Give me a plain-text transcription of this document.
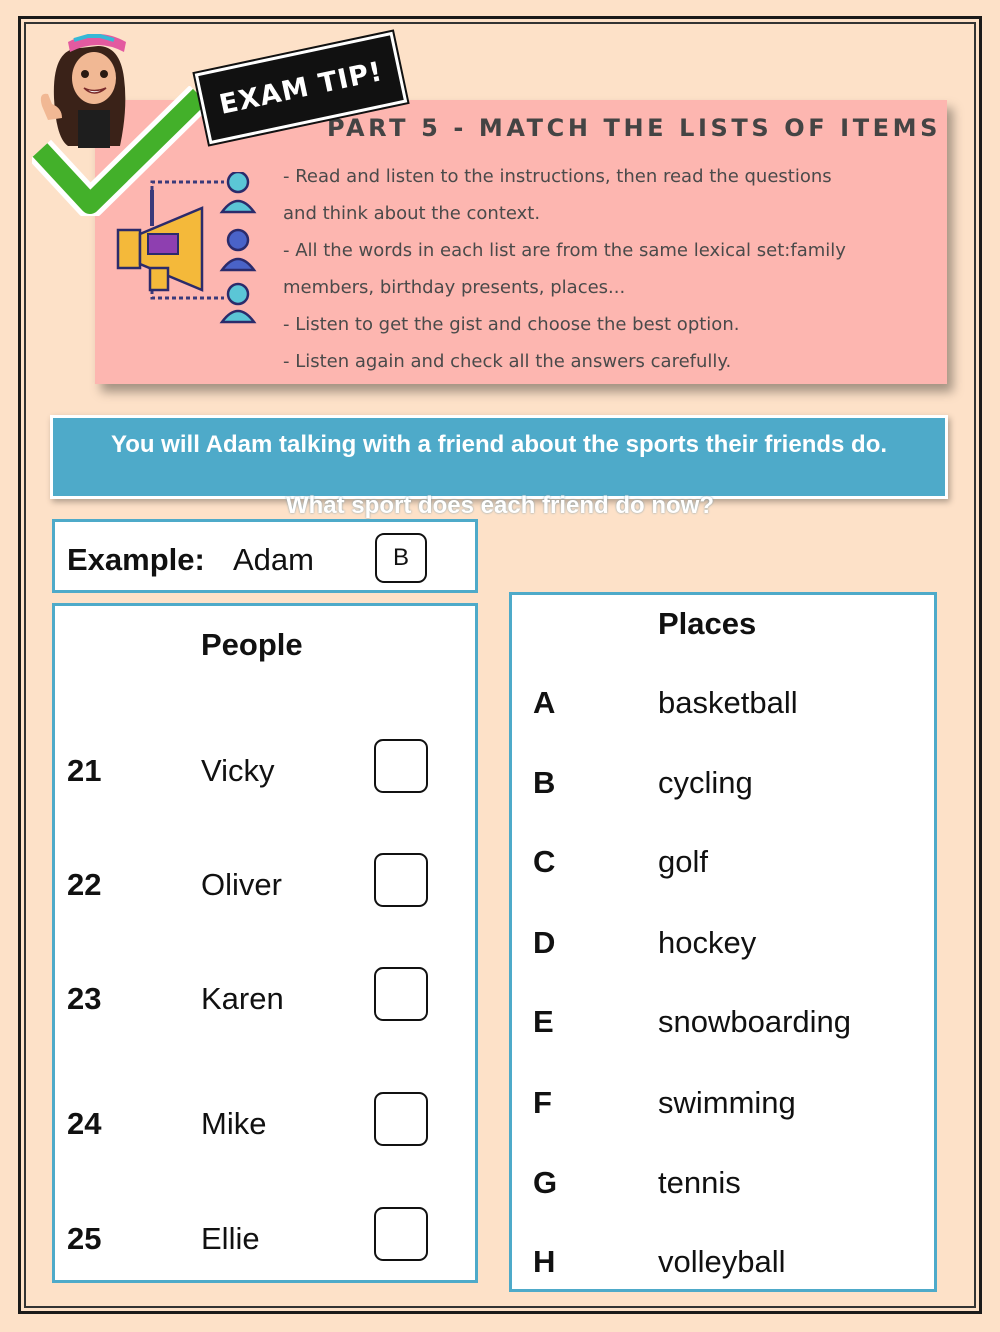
PART 5 - MATCH THE LISTS OF ITEMS
- Read and listen to the instructions, then read the questions
and think about the context.
- All the words in each list are from the same lexical set:family
members, birthday presents, places...
- Listen to get the gist and choose the best option.
- Listen again and check all the answers carefully.
EXAM TIP!
You will Adam talking with a friend about the sports their friends do.
What sport does each friend do now?
Example: Adam	B
People
21	Vicky
22	Oliver
23	Karen
24	Mike
25	Ellie
Places
A	basketball
B	cycling
C	golf
D	hockey
E	snowboarding
F	swimming
G	tennis
H	volleyball
